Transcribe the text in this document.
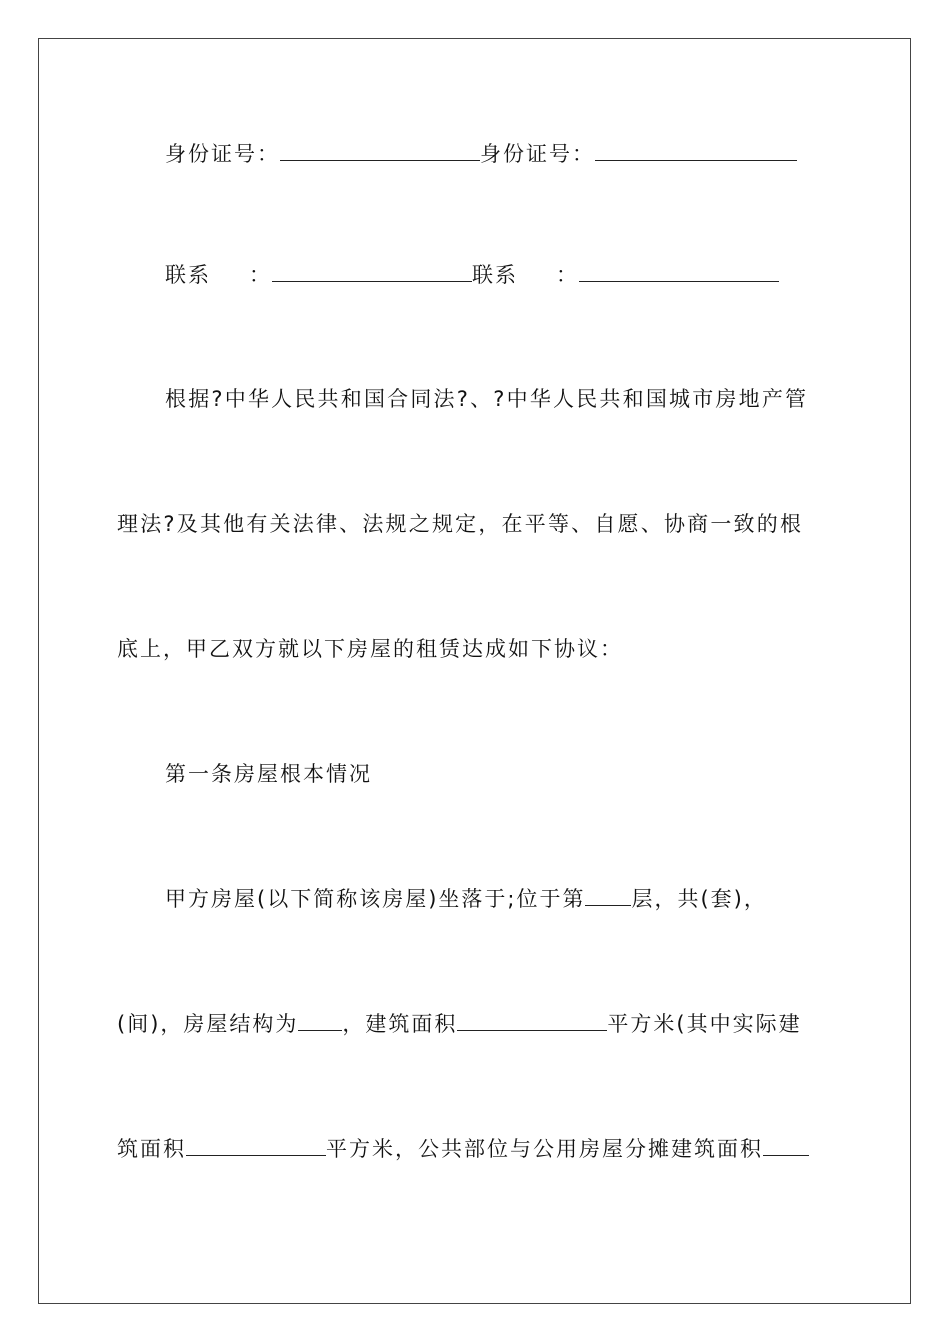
身份证号：	身份证号：
联系 ：	联系 ：
根据?中华人民共和国合同法?、?中华人民共和国城市房地产管
理法?及其他有关法律、法规之规定，在平等、自愿、协商一致的根
底上，甲乙双方就以下房屋的租赁达成如下协议：
第一条房屋根本情况
甲方房屋(以下简称该房屋)坐落于;位于第 层，共(套)，
(间)，房屋结构为 ，建筑面积	平方米(其中实际建
筑面积	平方米，公共部位与公用房屋分摊建筑面积
